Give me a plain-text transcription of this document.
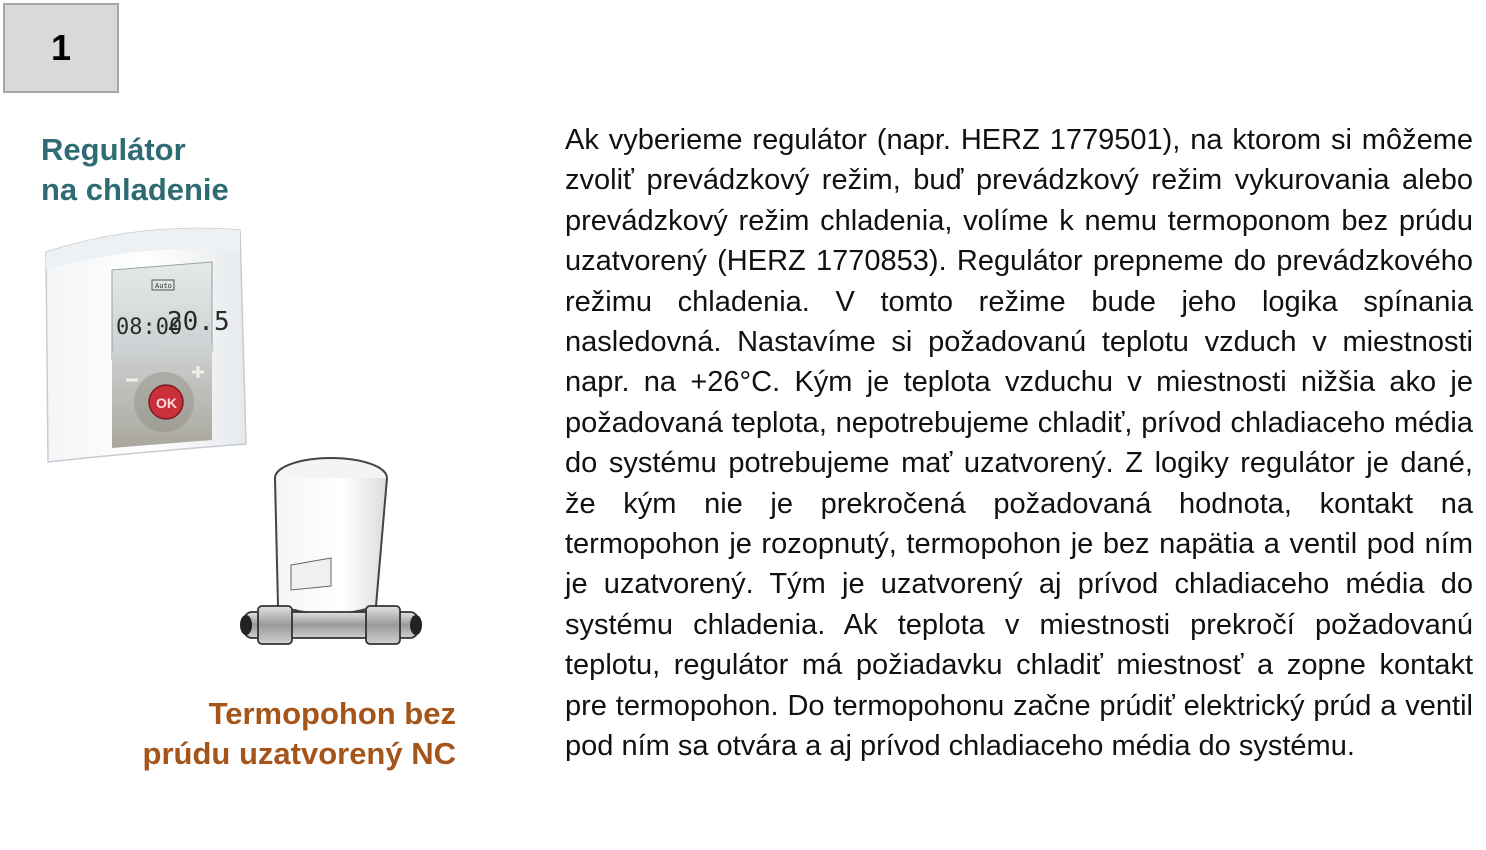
1
Regulátor
na chladenie
Auto
08:00
20.5
OK
Termopohon bez
prúdu uzatvorený NC
Ak vyberieme regulátor (napr. HERZ 1779501), na ktorom si môžeme zvoliť prevádzkový režim, buď prevádzkový režim vykurovania alebo prevádzkový režim chladenia, volíme k nemu termoponom bez prúdu uzatvorený (HERZ 1770853). Regulátor prepneme do prevádzkového režimu chladenia. V tomto režime bude jeho logika spínania nasledovná. Nastavíme si požadovanú teplotu vzduch v miestnosti napr. na +26°C. Kým je teplota vzduchu v miestnosti nižšia ako je požadovaná teplota, nepotrebujeme chladiť, prívod chladiaceho média do systému potrebujeme mať uzatvorený. Z logiky regulátor je dané, že kým nie je prekročená požadovaná hodnota, kontakt na termopohon je rozopnutý, termopohon je bez napätia a ventil pod ním je uzatvorený. Tým je uzatvorený aj prívod chladiaceho média do systému chladenia. Ak teplota v miestnosti prekročí požadovanú teplotu, regulátor má požiadavku chladiť miestnosť a zopne kontakt pre termopohon. Do termopohonu začne prúdiť elektrický prúd a ventil pod ním sa otvára a aj prívod chladiaceho média do systému.
